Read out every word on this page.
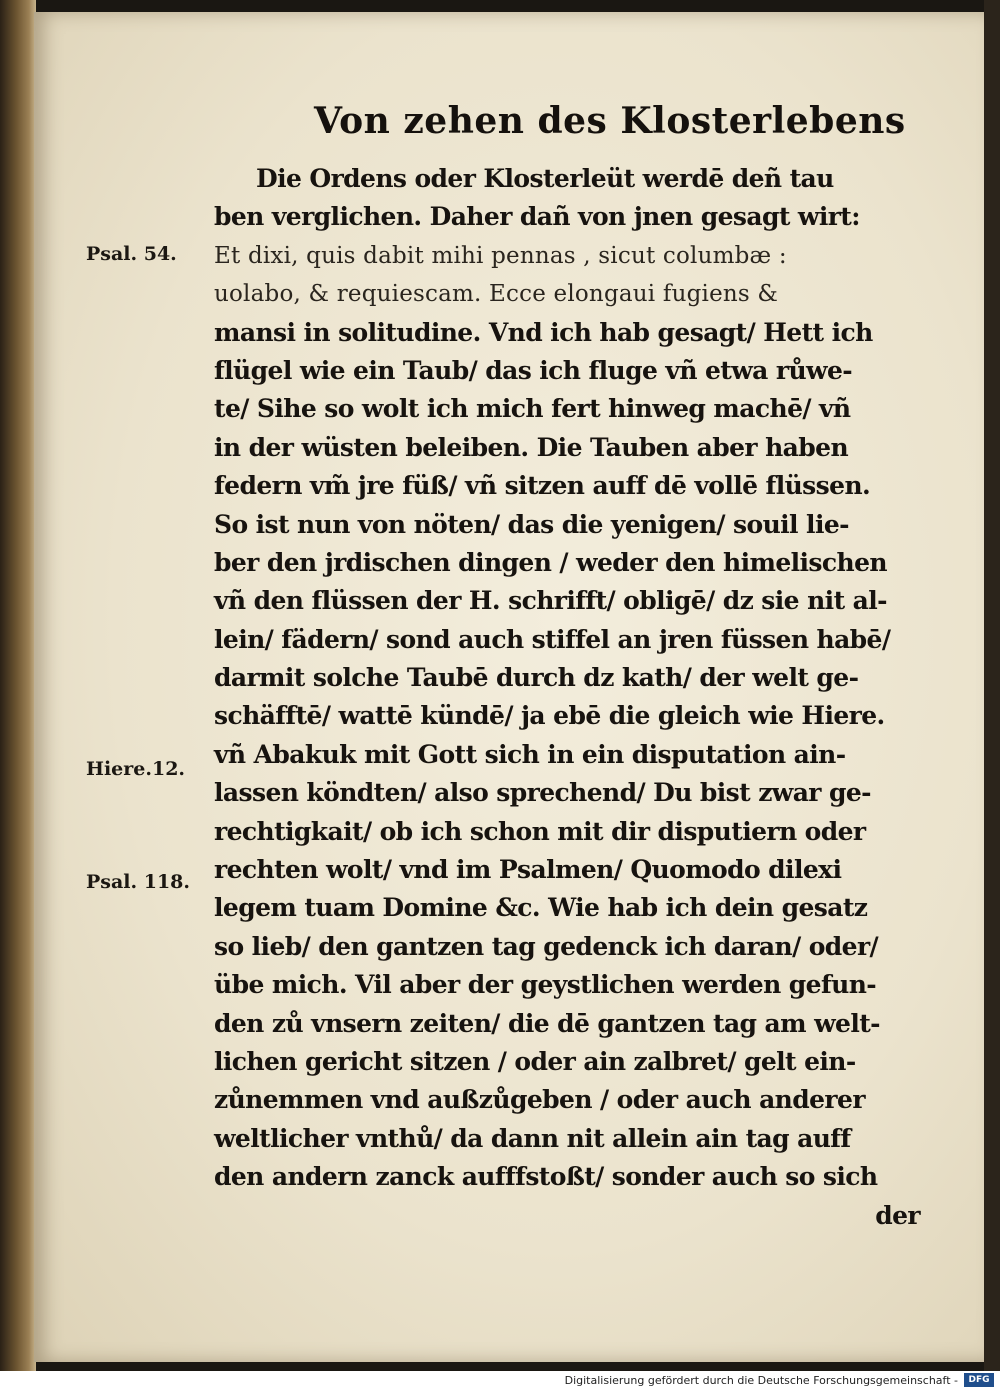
Von zehen des Klosterlebens
Psal. 54.
Hiere.12.
Psal. 118.
Die Ordens oder Klosterleüt werdē deñ tau
ben verglichen. Daher dañ von jnen gesagt wirt:
Et dixi, quis dabit mihi pennas , sicut columbæ :
uolabo, & requiescam. Ecce elongaui fugiens &
mansi in solitudine. Vnd ich hab gesagt/ Hett ich
flügel wie ein Taub/ das ich fluge vñ etwa růwe-
te/ Sihe so wolt ich mich fert hinweg machē/ vñ
in der wüsten beleiben. Die Tauben aber haben
federn vm̃ jre füß/ vñ sitzen auff dē vollē flüssen.
So ist nun von nöten/ das die yenigen/ souil lie-
ber den jrdischen dingen / weder den himelischen
vñ den flüssen der H. schrifft/ obligē/ dz sie nit al-
lein/ fädern/ sond auch stiffel an jren füssen habē/
darmit solche Taubē durch dz kath/ der welt ge-
schäfftē/ wattē kündē/ ja ebē die gleich wie Hiere.
vñ Abakuk mit Gott sich in ein disputation ain-
lassen köndten/ also sprechend/ Du bist zwar ge-
rechtigkait/ ob ich schon mit dir disputiern oder
rechten wolt/ vnd im Psalmen/ Quomodo dilexi
legem tuam Domine &c. Wie hab ich dein gesatz
so lieb/ den gantzen tag gedenck ich daran/ oder/
übe mich. Vil aber der geystlichen werden gefun-
den zů vnsern zeiten/ die dē gantzen tag am welt-
lichen gericht sitzen / oder ain zalbret/ gelt ein-
zůnemmen vnd außzůgeben / oder auch anderer
weltlicher vnthů/ da dann nit allein ain tag auff
den andern zanck aufffstoßt/ sonder auch so sich
der
Digitalisierung gefördert durch die Deutsche Forschungsgemeinschaft -	DFG
